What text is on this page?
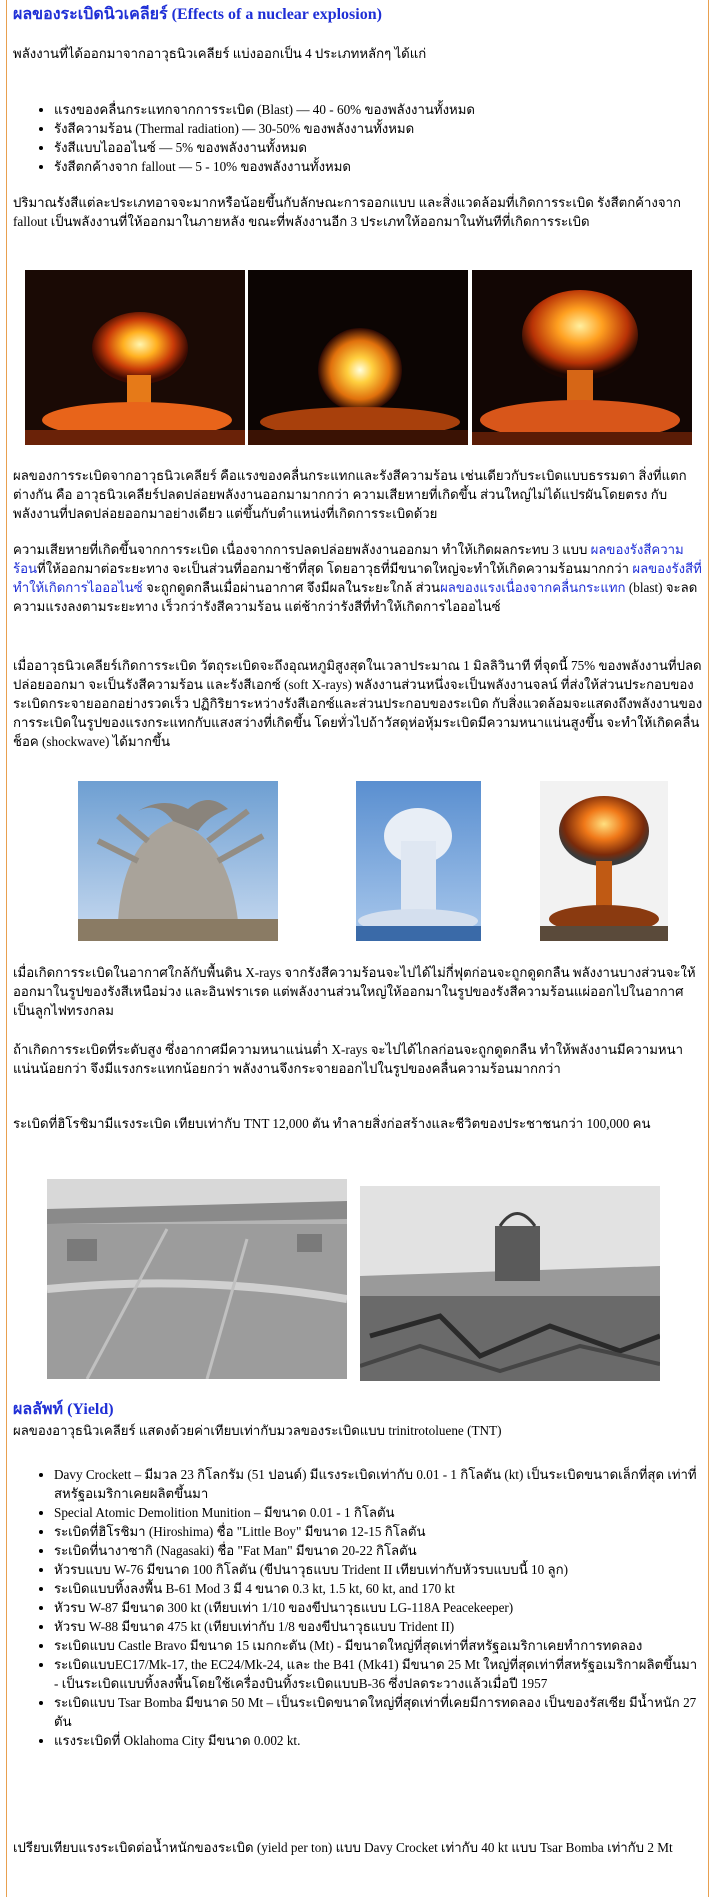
ผลของระเบิดนิวเคลียร์ (Effects of a nuclear explosion)

พลังงานที่ได้ออกมาจากอาวุธนิวเคลียร์ แบ่งออกเป็น 4 ประเภทหลักๆ ได้แก่

• แรงของคลื่นกระแทกจากการระเบิด (Blast) — 40 - 60% ของพลังงานทั้งหมด
• รังสีความร้อน (Thermal radiation) — 30-50% ของพลังงานทั้งหมด
• รังสีแบบไอออไนซ์ — 5% ของพลังงานทั้งหมด
• รังสีตกค้างจาก fallout — 5 - 10% ของพลังงานทั้งหมด

ปริมาณรังสีแต่ละประเภทอาจจะมากหรือน้อยขึ้นกับลักษณะการออกแบบ และสิ่งแวดล้อมที่เกิดการระเบิด รังสีตกค้างจาก fallout เป็นพลังงานที่ให้ออกมาในภายหลัง ขณะที่พลังงานอีก 3 ประเภทให้ออกมาในทันทีที่เกิดการระเบิด

ผลของการระเบิดจากอาวุธนิวเคลียร์ คือแรงของคลื่นกระแทกและรังสีความร้อน เช่นเดียวกับระเบิดแบบธรรมดา สิ่งที่แตกต่างกัน คือ อาวุธนิวเคลียร์ปลดปล่อยพลังงานออกมามากกว่า ความเสียหายที่เกิดขึ้น ส่วนใหญ่ไม่ได้แปรผันโดยตรง กับพลังงานที่ปลดปล่อยออกมาอย่างเดียว แต่ขึ้นกับตำแหน่งที่เกิดการระเบิดด้วย

ความเสียหายที่เกิดขึ้นจากการระเบิด เนื่องจากการปลดปล่อยพลังงานออกมา ทำให้เกิดผลกระทบ 3 แบบ ผลของรังสีความร้อนที่ให้ออกมาต่อระยะทาง จะเป็นส่วนที่ออกมาช้าที่สุด โดยอาวุธที่มีขนาดใหญ่จะทำให้เกิดความร้อนมากกว่า ผลของรังสีที่ทำให้เกิดการไอออไนซ์ จะถูกดูดกลืนเมื่อผ่านอากาศ จึงมีผลในระยะใกล้ ส่วนผลของแรงเนื่องจากคลื่นกระแทก (blast) จะลดความแรงลงตามระยะทาง เร็วกว่ารังสีความร้อน แต่ช้ากว่ารังสีที่ทำให้เกิดการไอออไนซ์

เมื่ออาวุธนิวเคลียร์เกิดการระเบิด วัตถุระเบิดจะถึงอุณหภูมิสูงสุดในเวลาประมาณ 1 มิลลิวินาที ที่จุดนี้ 75% ของพลังงานที่ปลดปล่อยออกมา จะเป็นรังสีความร้อน และรังสีเอกซ์ (soft X-rays) พลังงานส่วนหนึ่งจะเป็นพลังงานจลน์ ที่ส่งให้ส่วนประกอบของระเบิดกระจายออกอย่างรวดเร็ว ปฏิกิริยาระหว่างรังสีเอกซ์และส่วนประกอบของระเบิด กับสิ่งแวดล้อมจะแสดงถึงพลังงานของการระเบิดในรูปของแรงกระแทกกับแสงสว่างที่เกิดขึ้น โดยทั่วไปถ้าวัสดุห่อหุ้มระเบิดมีความหนาแน่นสูงขึ้น จะทำให้เกิดคลื่นช็อค (shockwave) ได้มากขึ้น

เมื่อเกิดการระเบิดในอากาศใกล้กับพื้นดิน X-rays จากรังสีความร้อนจะไปได้ไม่กี่ฟุตก่อนจะถูกดูดกลืน พลังงานบางส่วนจะให้ออกมาในรูปของรังสีเหนือม่วง และอินฟราเรด แต่พลังงานส่วนใหญ่ให้ออกมาในรูปของรังสีความร้อนแผ่ออกไปในอากาศเป็นลูกไฟทรงกลม

ถ้าเกิดการระเบิดที่ระดับสูง ซึ่งอากาศมีความหนาแน่นต่ำ X-rays จะไปได้ไกลก่อนจะถูกดูดกลืน ทำให้พลังงานมีความหนาแน่นน้อยกว่า จึงมีแรงกระแทกน้อยกว่า พลังงานจึงกระจายออกไปในรูปของคลื่นความร้อนมากกว่า

ระเบิดที่ฮิโรชิมามีแรงระเบิด เทียบเท่ากับ TNT 12,000 ตัน ทำลายสิ่งก่อสร้างและชีวิตของประชาชนกว่า 100,000 คน

ผลลัพท์ (Yield)

ผลของอาวุธนิวเคลียร์ แสดงด้วยค่าเทียบเท่ากับมวลของระเบิดแบบ trinitrotoluene (TNT)

• Davy Crockett – มีมวล 23 กิโลกรัม (51 ปอนด์) มีแรงระเบิดเท่ากับ 0.01 - 1 กิโลตัน (kt) เป็นระเบิดขนาดเล็กที่สุด เท่าที่สหรัฐอเมริกาเคยผลิตขึ้นมา
• Special Atomic Demolition Munition – มีขนาด 0.01 - 1 กิโลตัน
• ระเบิดที่ฮิโรชิมา (Hiroshima) ชื่อ "Little Boy" มีขนาด 12-15 กิโลตัน
• ระเบิดที่นางาซากิ (Nagasaki) ชื่อ "Fat Man" มีขนาด 20-22 กิโลตัน
• หัวรบแบบ W-76 มีขนาด 100 กิโลตัน (ขีปนาวุธแบบ Trident II เทียบเท่ากับหัวรบแบบนี้ 10 ลูก)
• ระเบิดแบบทิ้งลงพื้น B-61 Mod 3 มี 4 ขนาด 0.3 kt, 1.5 kt, 60 kt, and 170 kt
• หัวรบ W-87 มีขนาด 300 kt (เทียบเท่า 1/10 ของขีปนาวุธแบบ LG-118A Peacekeeper)
• หัวรบ W-88 มีขนาด 475 kt (เทียบเท่ากับ 1/8 ของขีปนาวุธแบบ Trident II)
• ระเบิดแบบ Castle Bravo มีขนาด 15 เมกกะตัน (Mt) - มีขนาดใหญ่ที่สุดเท่าที่สหรัฐอเมริกาเคยทำการทดลอง
• ระเบิดแบบEC17/Mk-17, the EC24/Mk-24, และ the B41 (Mk41) มีขนาด 25 Mt ใหญ่ที่สุดเท่าที่สหรัฐอเมริกาผลิตขึ้นมา - เป็นระเบิดแบบทิ้งลงพื้นโดยใช้เครื่องบินทิ้งระเบิดแบบB-36 ซึ่งปลดระวางแล้วเมื่อปี 1957
• ระเบิดแบบ Tsar Bomba มีขนาด 50 Mt – เป็นระเบิดขนาดใหญ่ที่สุดเท่าที่เคยมีการทดลอง เป็นของรัสเซีย มีน้ำหนัก 27 ตัน
• แรงระเบิดที่ Oklahoma City มีขนาด 0.002 kt.

เปรียบเทียบแรงระเบิดต่อน้ำหนักของระเบิด (yield per ton) แบบ Davy Crocket เท่ากับ 40 kt แบบ Tsar Bomba เท่ากับ 2 Mt
